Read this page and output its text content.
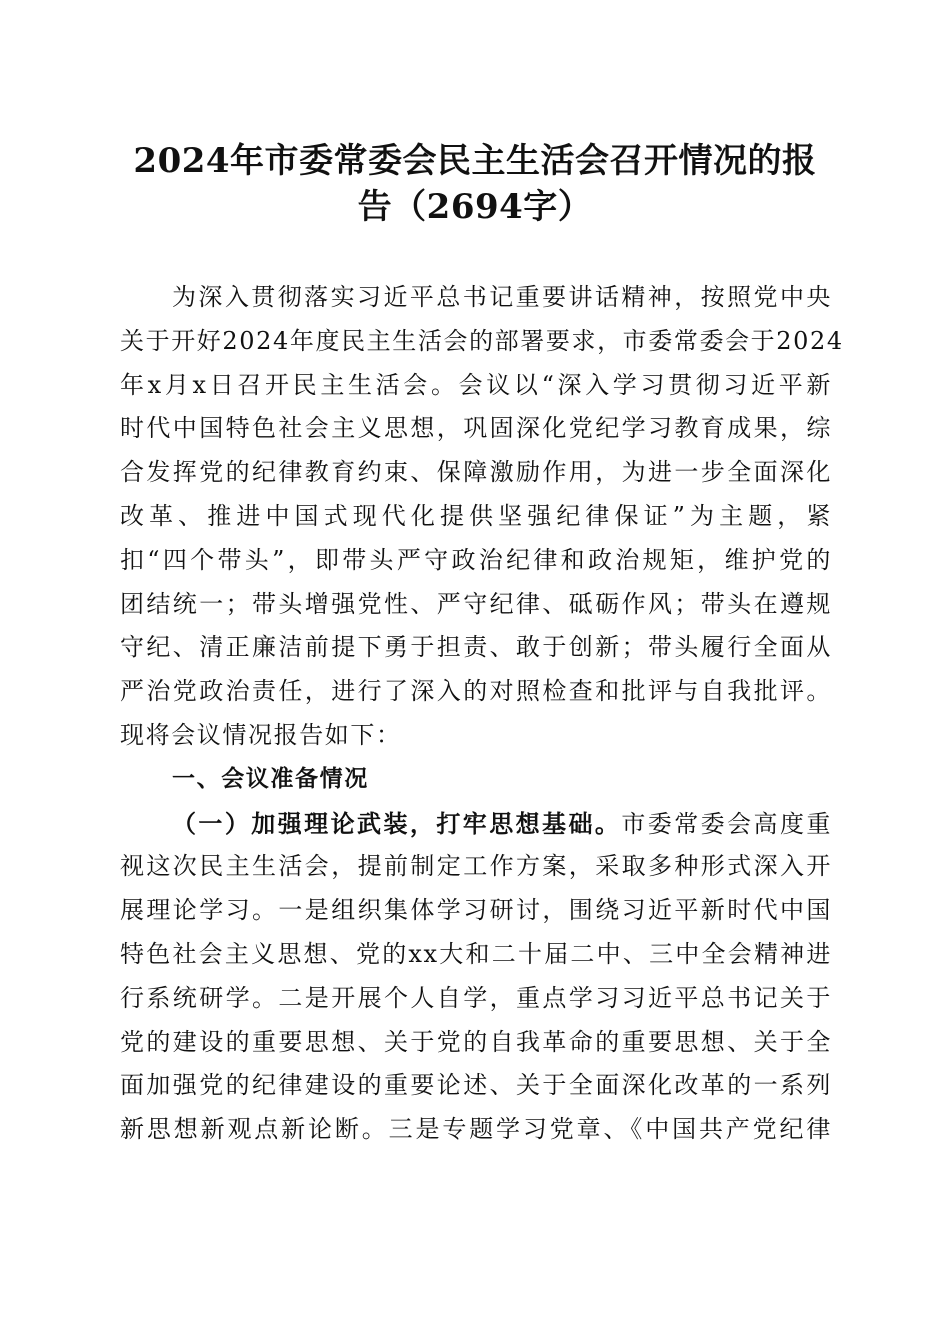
2024年市委常委会民主生活会召开情况的报
告（2694字）
为深入贯彻落实习近平总书记重要讲话精神，按照党中央
关于开好2024年度民主生活会的部署要求，市委常委会于2024
年x月x日召开民主生活会。会议以“深入学习贯彻习近平新
时代中国特色社会主义思想，巩固深化党纪学习教育成果，综
合发挥党的纪律教育约束、保障激励作用，为进一步全面深化
改革、推进中国式现代化提供坚强纪律保证”为主题，紧
扣“四个带头”，即带头严守政治纪律和政治规矩，维护党的
团结统一；带头增强党性、严守纪律、砥砺作风；带头在遵规
守纪、清正廉洁前提下勇于担责、敢于创新；带头履行全面从
严治党政治责任，进行了深入的对照检查和批评与自我批评。
现将会议情况报告如下：
一、会议准备情况
（一）加强理论武装，打牢思想基础。市委常委会高度重
视这次民主生活会，提前制定工作方案，采取多种形式深入开
展理论学习。一是组织集体学习研讨，围绕习近平新时代中国
特色社会主义思想、党的xx大和二十届二中、三中全会精神进
行系统研学。二是开展个人自学，重点学习习近平总书记关于
党的建设的重要思想、关于党的自我革命的重要思想、关于全
面加强党的纪律建设的重要论述、关于全面深化改革的一系列
新思想新观点新论断。三是专题学习党章、《中国共产党纪律
